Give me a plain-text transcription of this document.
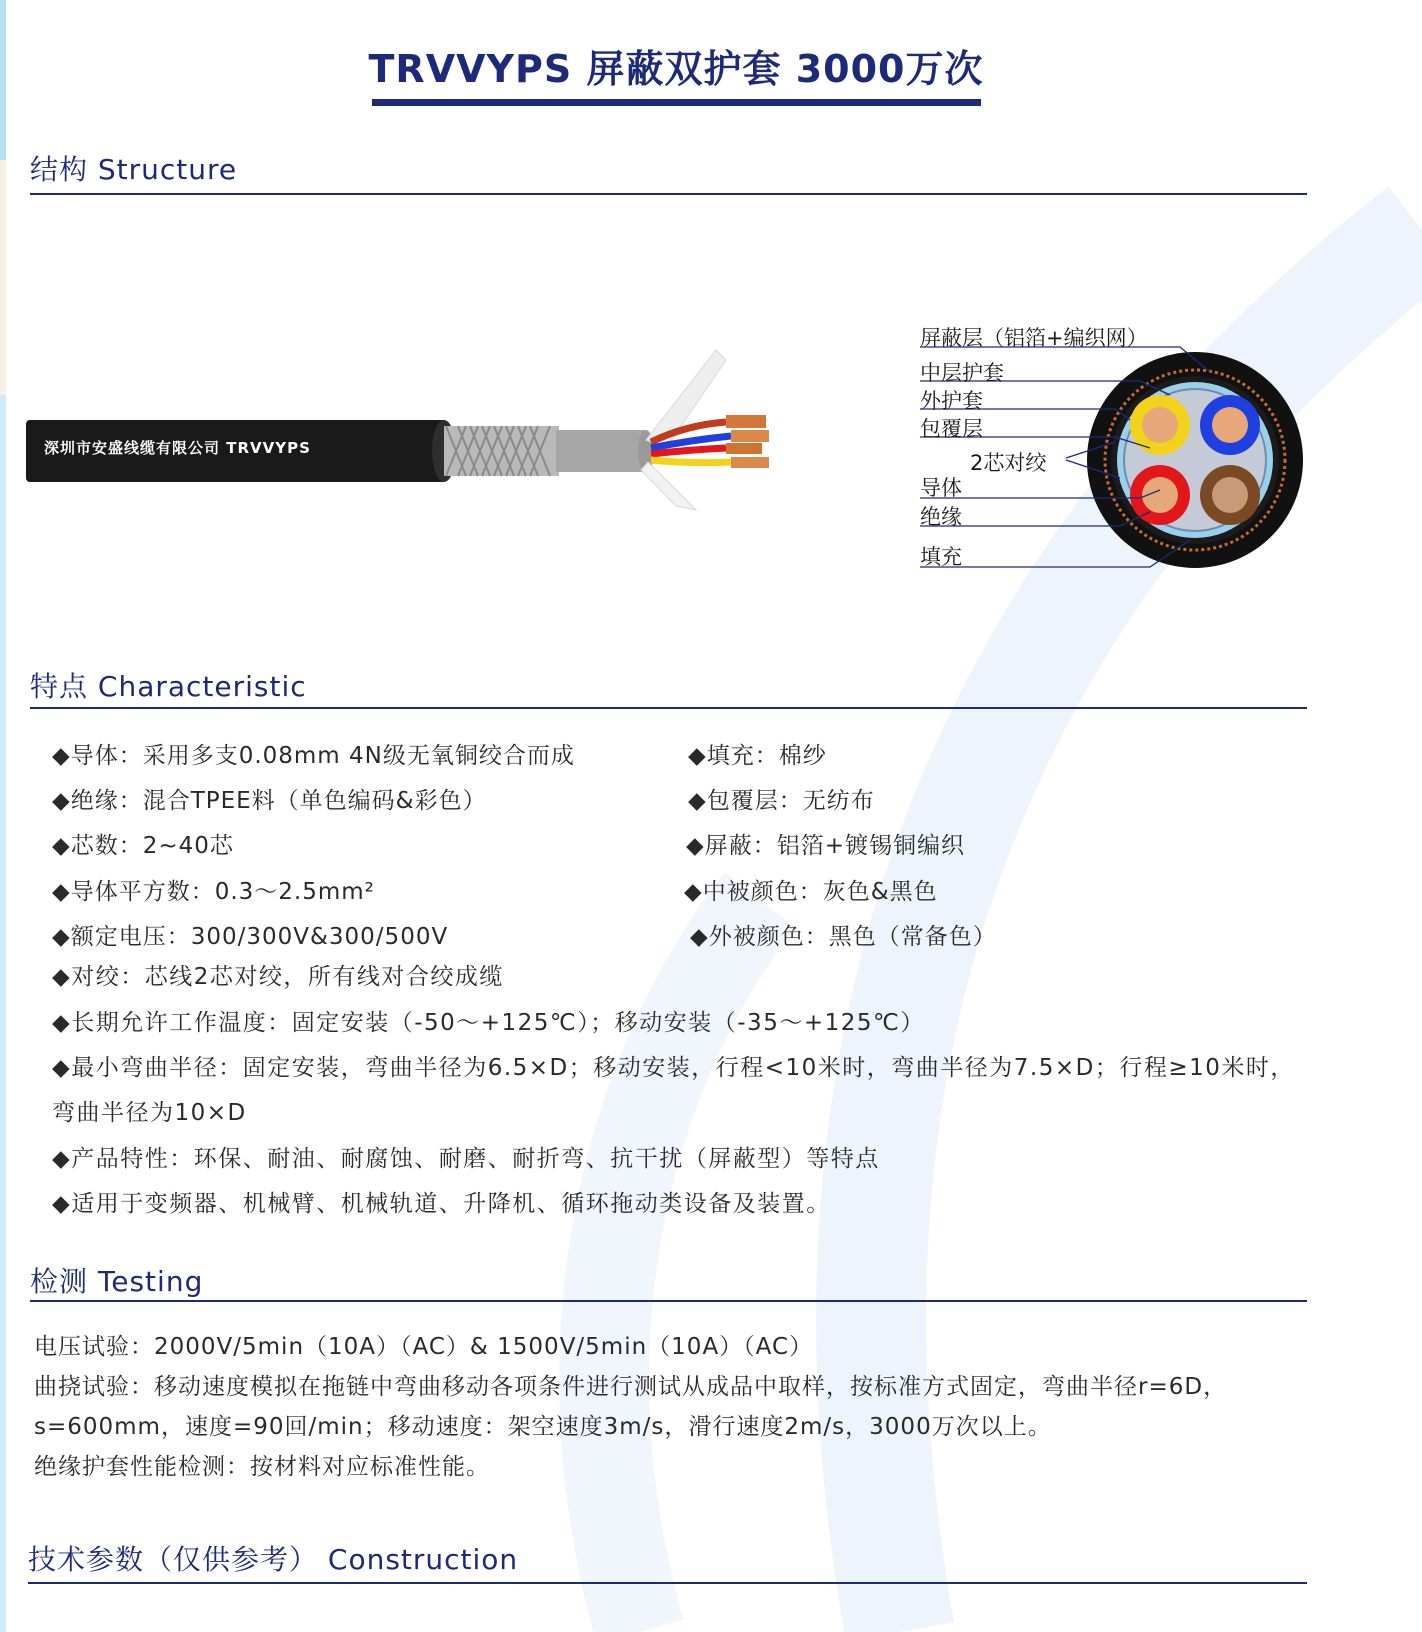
TRVVYPS 屏蔽双护套 3000万次
结构 Structure
深圳市安盛线缆有限公司 TRVVYPS
屏蔽层（铝箔+编织网）
中层护套
外护套
包覆层
2芯对绞
导体
绝缘
填充
特点 Characteristic
◆导体：采用多支0.08mm 4N级无氧铜绞合而成
◆绝缘：混合TPEE料（单色编码&彩色）
◆芯数：2~40芯
◆导体平方数：0.3～2.5mm²
◆额定电压：300/300V&300/500V
◆填充：棉纱
◆包覆层：无纺布
◆屏蔽：铝箔+镀锡铜编织
◆中被颜色：灰色&黑色
◆外被颜色：黑色（常备色）
◆对绞：芯线2芯对绞，所有线对合绞成缆
◆长期允许工作温度：固定安装（-50～+125℃）；移动安装（-35～+125℃）
◆最小弯曲半径：固定安装，弯曲半径为6.5×D；移动安装，行程<10米时，弯曲半径为7.5×D；行程≥10米时，弯曲半径为10×D
◆产品特性：环保、耐油、耐腐蚀、耐磨、耐折弯、抗干扰（屏蔽型）等特点
◆适用于变频器、机械臂、机械轨道、升降机、循环拖动类设备及装置。
检测 Testing
电压试验：2000V/5min（10A）（AC）& 1500V/5min（10A）（AC）
曲挠试验：移动速度模拟在拖链中弯曲移动各项条件进行测试从成品中取样，按标准方式固定，弯曲半径r=6D，s=600mm，速度=90回/min；移动速度：架空速度3m/s，滑行速度2m/s，3000万次以上。
绝缘护套性能检测：按材料对应标准性能。
技术参数（仅供参考） Construction
